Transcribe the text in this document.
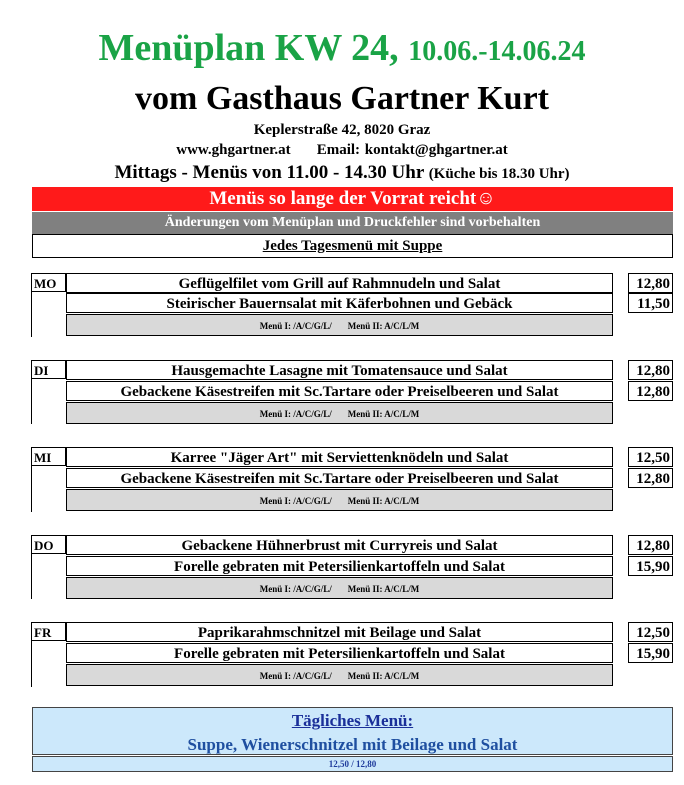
Menüplan KW 24, 10.06.-14.06.24
vom Gasthaus Gartner Kurt
Keplerstraße 42, 8020 Graz
www.ghgartner.at Email: kontakt@ghgartner.at
Mittags - Menüs von 11.00 - 14.30 Uhr (Küche bis 18.30 Uhr)
Menüs so lange der Vorrat reicht☺
Änderungen vom Menüplan und Druckfehler sind vorbehalten
Jedes Tagesmenü mit Suppe
MO	Geflügelfilet vom Grill auf Rahmnudeln und Salat	12,80
Steirischer Bauernsalat mit Käferbohnen und Gebäck	11,50
Menü I: /A/C/G/L/ Menü II: A/C/L/M
DI	Hausgemachte Lasagne mit Tomatensauce und Salat	12,80
Gebackene Käsestreifen mit Sc.Tartare oder Preiselbeeren und Salat	12,80
Menü I: /A/C/G/L/ Menü II: A/C/L/M
MI	Karree "Jäger Art" mit Serviettenknödeln und Salat	12,50
Gebackene Käsestreifen mit Sc.Tartare oder Preiselbeeren und Salat	12,80
Menü I: /A/C/G/L/ Menü II: A/C/L/M
DO	Gebackene Hühnerbrust mit Curryreis und Salat	12,80
Forelle gebraten mit Petersilienkartoffeln und Salat	15,90
Menü I: /A/C/G/L/ Menü II: A/C/L/M
FR	Paprikarahmschnitzel mit Beilage und Salat	12,50
Forelle gebraten mit Petersilienkartoffeln und Salat	15,90
Menü I: /A/C/G/L/ Menü II: A/C/L/M
Tägliches Menü:
Suppe, Wienerschnitzel mit Beilage und Salat
12,50 / 12,80
